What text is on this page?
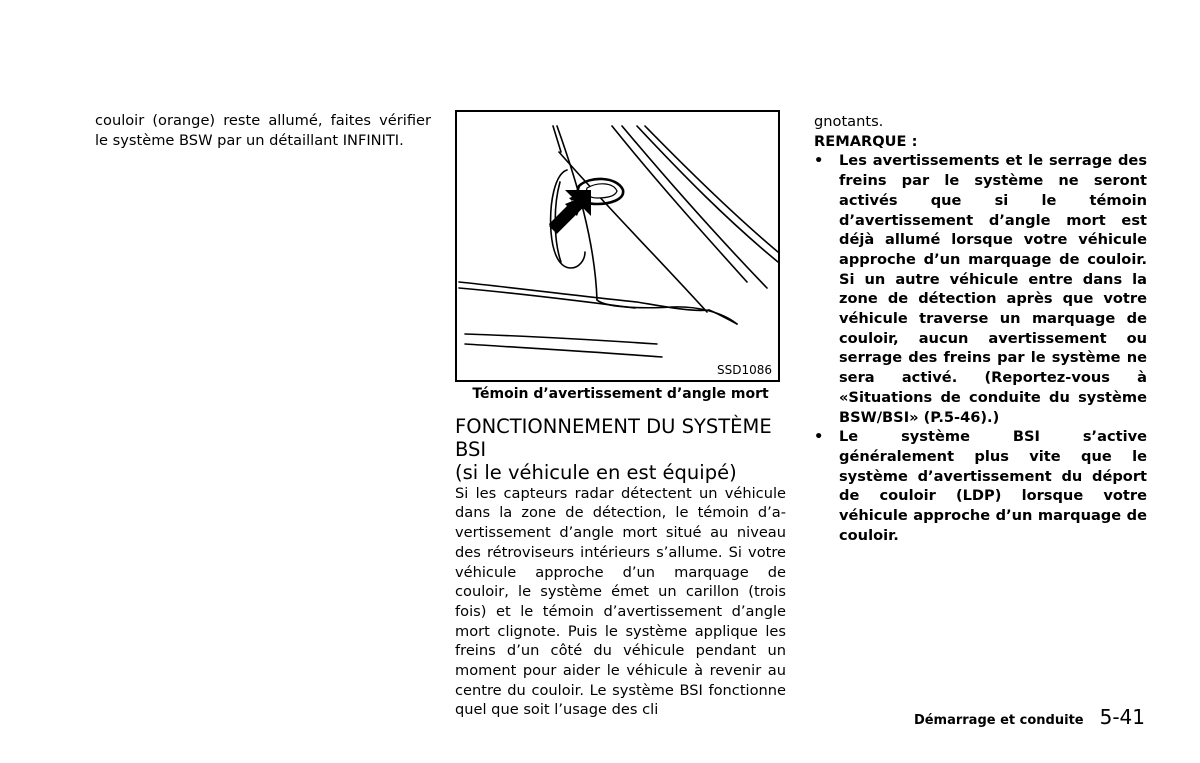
couloir (orange) reste allumé, faites vérifier le système BSW par un détaillant INFINITI.

SSD1086
Témoin d’avertissement d’angle mort
FONCTIONNEMENT DU SYSTÈME BSI
(si le véhicule en est équipé)

Si les capteurs radar détectent un véhicule dans la zone de détection, le témoin d’avertissement d’angle mort situé au niveau des rétroviseurs intérieurs s’allume. Si votre véhicule approche d’un marquage de couloir, le système émet un carillon (trois fois) et le témoin d’avertissement d’angle mort clignote. Puis le système applique les freins d’un côté du véhicule pendant un moment pour aider le véhicule à revenir au centre du couloir. Le système BSI fonctionne quel que soit l’usage des cli

gnotants.

REMARQUE :

• Les avertissements et le serrage des freins par le système ne seront activés que si le témoin d’avertissement d’angle mort est déjà allumé lorsque votre véhicule approche d’un marquage de couloir. Si un autre véhicule entre dans la zone de détection après que votre véhicule traverse un marquage de couloir, aucun avertissement ou serrage des freins par le système ne sera activé. (Reportez-vous à «Situations de conduite du système BSW/BSI» (P.5-46).)
• Le système BSI s’active généralement plus vite que le système d’avertissement du déport de couloir (LDP) lorsque votre véhicule approche d’un marquage de couloir.
Démarrage et conduite 5-41
